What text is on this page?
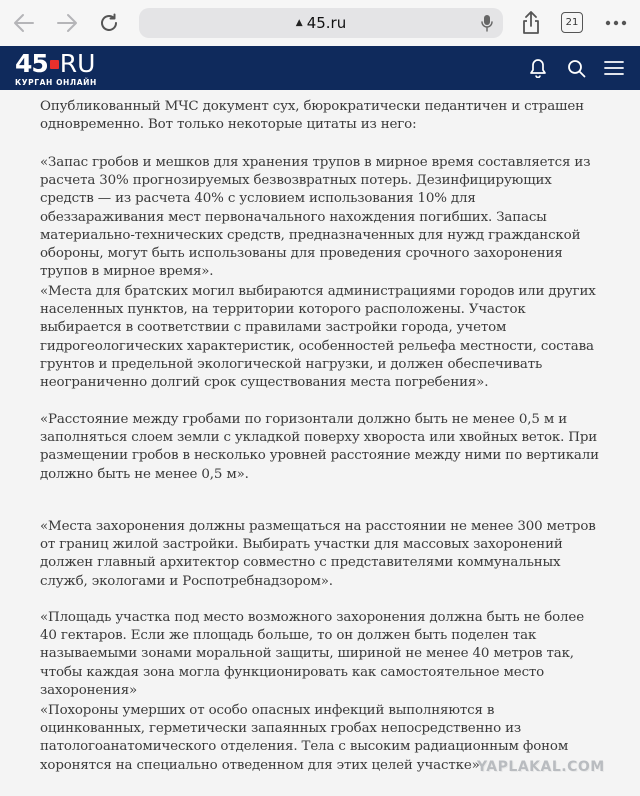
▲ 45.ru	21
45 RU
КУРГАН ОНЛАЙН

Опубликованный МЧС документ сух, бюрократически педантичен и страшен одновременно. Вот только некоторые цитаты из него:

«Запас гробов и мешков для хранения трупов в мирное время составляется из расчета 30% прогнозируемых безвозвратных потерь. Дезинфицирующих средств — из расчета 40% с условием использования 10% для обеззараживания мест первоначального нахождения погибших. Запасы материально-технических средств, предназначенных для нужд гражданской обороны, могут быть использованы для проведения срочного захоронения трупов в мирное время».

«Места для братских могил выбираются администрациями городов или других населенных пунктов, на территории которого расположены. Участок выбирается в соответствии с правилами застройки города, учетом гидрогеологических характеристик, особенностей рельефа местности, состава грунтов и предельной экологической нагрузки, и должен обеспечивать неограниченно долгий срок существования места погребения».

«Расстояние между гробами по горизонтали должно быть не менее 0,5 м и заполняться слоем земли с укладкой поверху хвороста или хвойных веток. При размещении гробов в несколько уровней расстояние между ними по вертикали должно быть не менее 0,5 м».

«Места захоронения должны размещаться на расстоянии не менее 300 метров от границ жилой застройки. Выбирать участки для массовых захоронений должен главный архитектор совместно с представителями коммунальных служб, экологами и Роспотребнадзором».

«Площадь участка под место возможного захоронения должна быть не более 40 гектаров. Если же площадь больше, то он должен быть поделен так называемыми зонами моральной защиты, шириной не менее 40 метров так, чтобы каждая зона могла функционировать как самостоятельное место захоронения»

«Похороны умерших от особо опасных инфекций выполняются в оцинкованных, герметически запаянных гробах непосредственно из патологоанатомического отделения. Тела с высоким радиационным фоном хоронятся на специально отведенном для этих целей участке».

YAPLAKAL.COM
